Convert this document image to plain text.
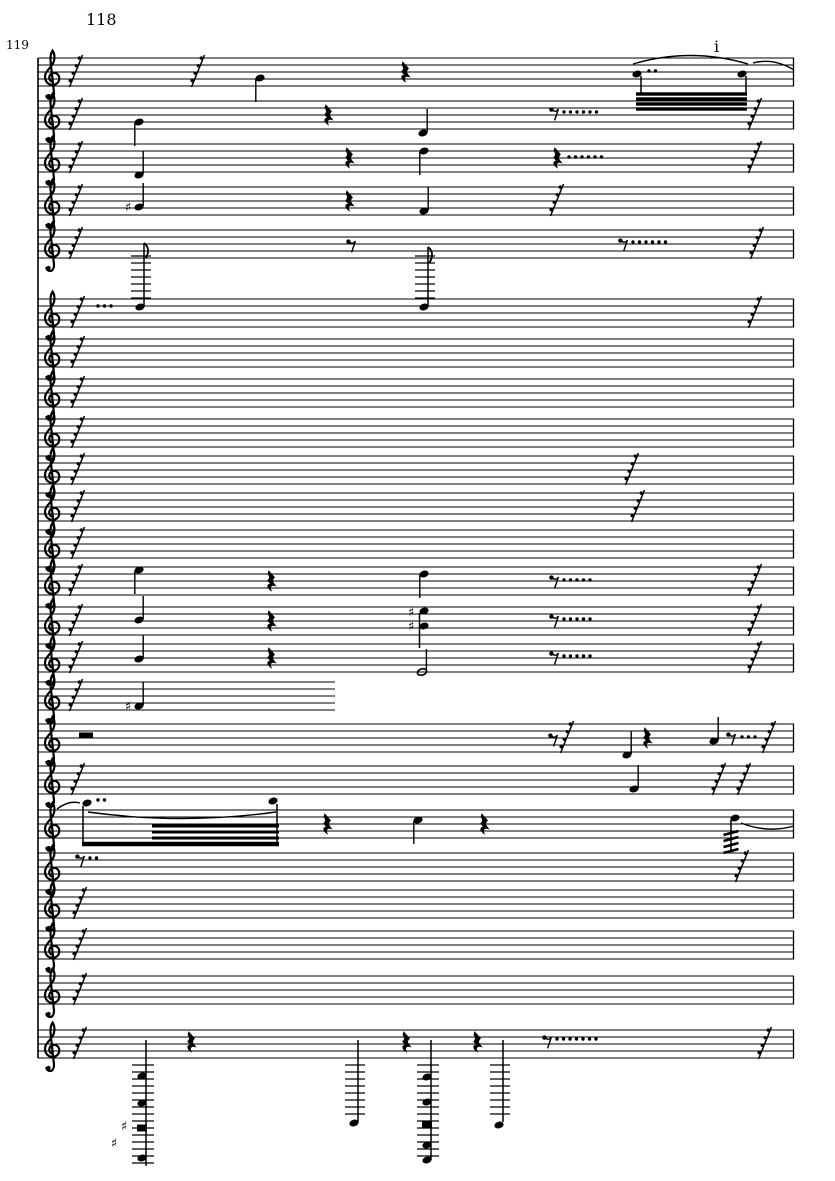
118
119
♯
♯
♯
♯
♯
♯
i
